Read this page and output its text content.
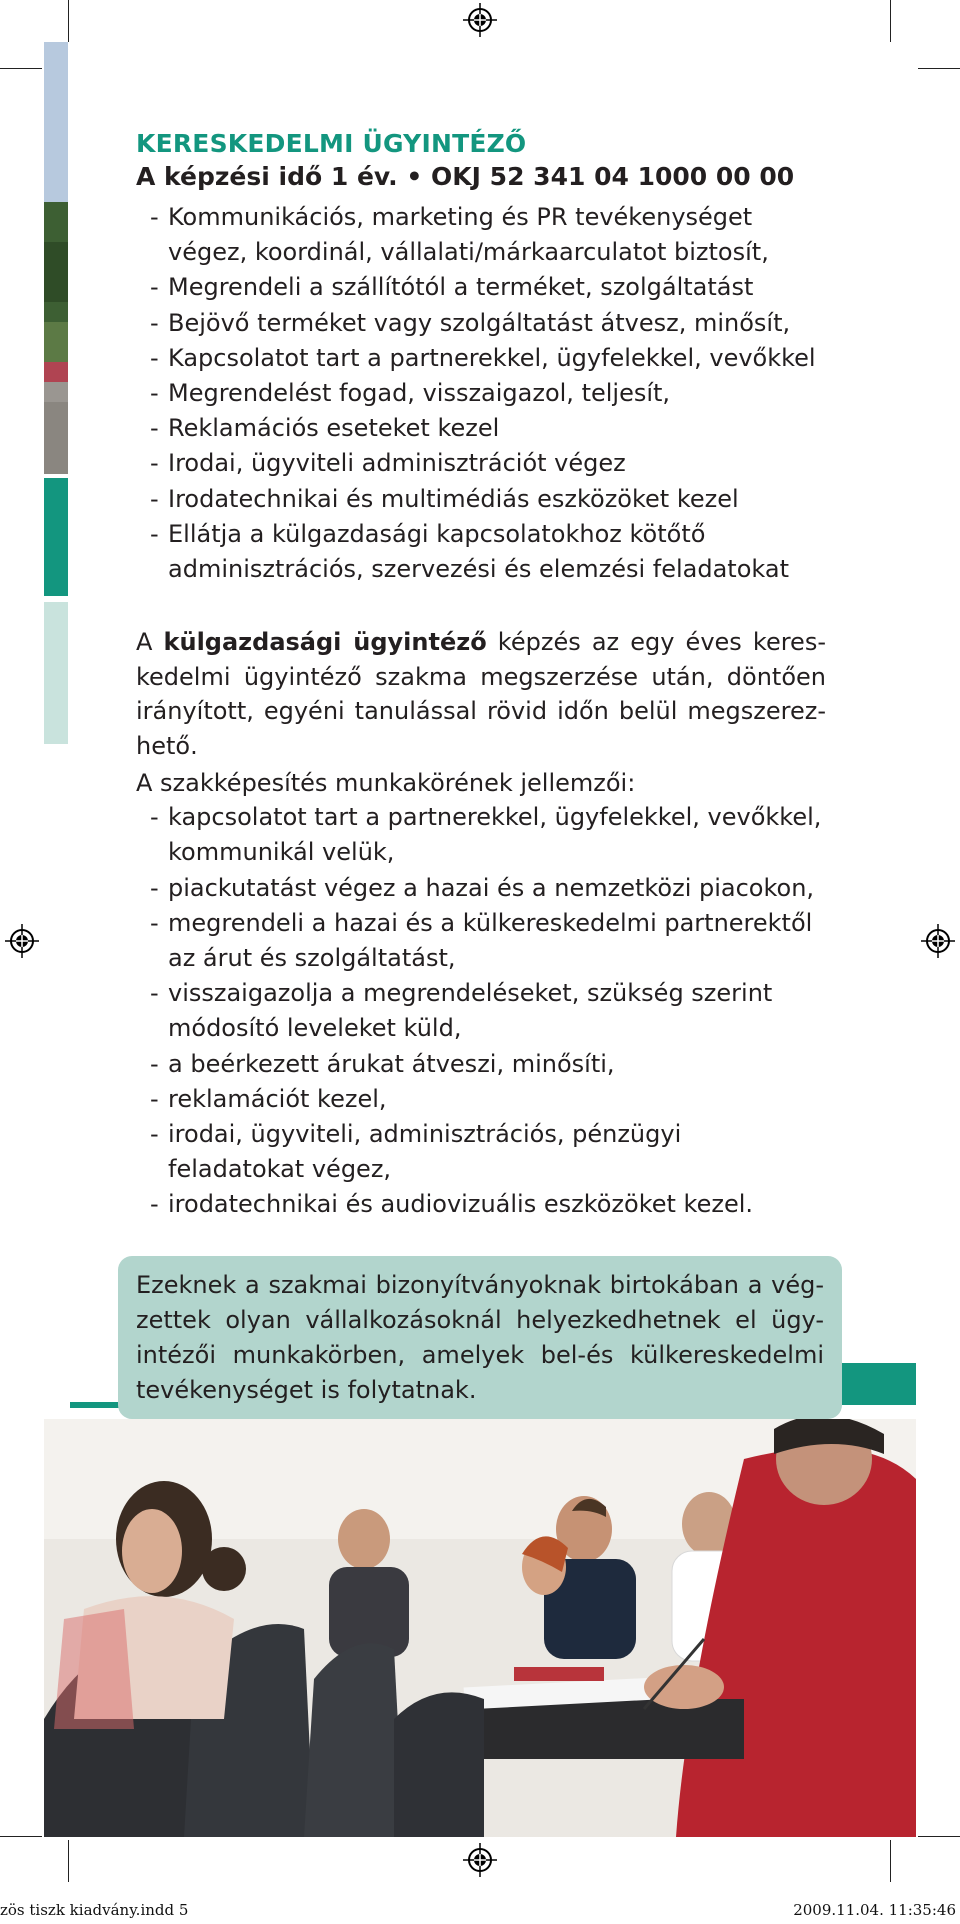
KERESKEDELMI ÜGYINTÉZŐ
A képzési idő 1 év. • OKJ 52 341 04 1000 00 00
- Kommunikációs, marketing és PR tevékenységet
végez, koordinál, vállalati/márkaarculatot biztosít,
- Megrendeli a szállítótól a terméket, szolgáltatást
- Bejövő terméket vagy szolgáltatást átvesz, minősít,
- Kapcsolatot tart a partnerekkel, ügyfelekkel, vevőkkel
- Megrendelést fogad, visszaigazol, teljesít,
- Reklamációs eseteket kezel
- Irodai, ügyviteli adminisztrációt végez
- Irodatechnikai és multimédiás eszközöket kezel
- Ellátja a külgazdasági kapcsolatokhoz kötőtő
adminisztrációs, szervezési és elemzési feladatokat

A külgazdasági ügyintéző képzés az egy éves keres-kedelmi ügyintéző szakma megszerzése után, döntően irányított, egyéni tanulással rövid időn belül megszerez-hető.

A szakképesítés munkakörének jellemzői:

- kapcsolatot tart a partnerekkel, ügyfelekkel, vevőkkel,
kommunikál velük,
- piackutatást végez a hazai és a nemzetközi piacokon,
- megrendeli a hazai és a külkereskedelmi partnerektől
az árut és szolgáltatást,
- visszaigazolja a megrendeléseket, szükség szerint
módosító leveleket küld,
- a beérkezett árukat átveszi, minősíti,
- reklamációt kezel,
- irodai, ügyviteli, adminisztrációs, pénzügyi
feladatokat végez,
- irodatechnikai és audiovizuális eszközöket kezel.

Ezeknek a szakmai bizonyítványoknak birtokában a vég-zettek olyan vállalkozásoknál helyezkedhetnek el ügy-intézői munkakörben, amelyek bel-és külkereskedelmi tevékenységet is folytatnak.

zös tiszk kiadvány.indd 5	2009.11.04. 11:35:46
